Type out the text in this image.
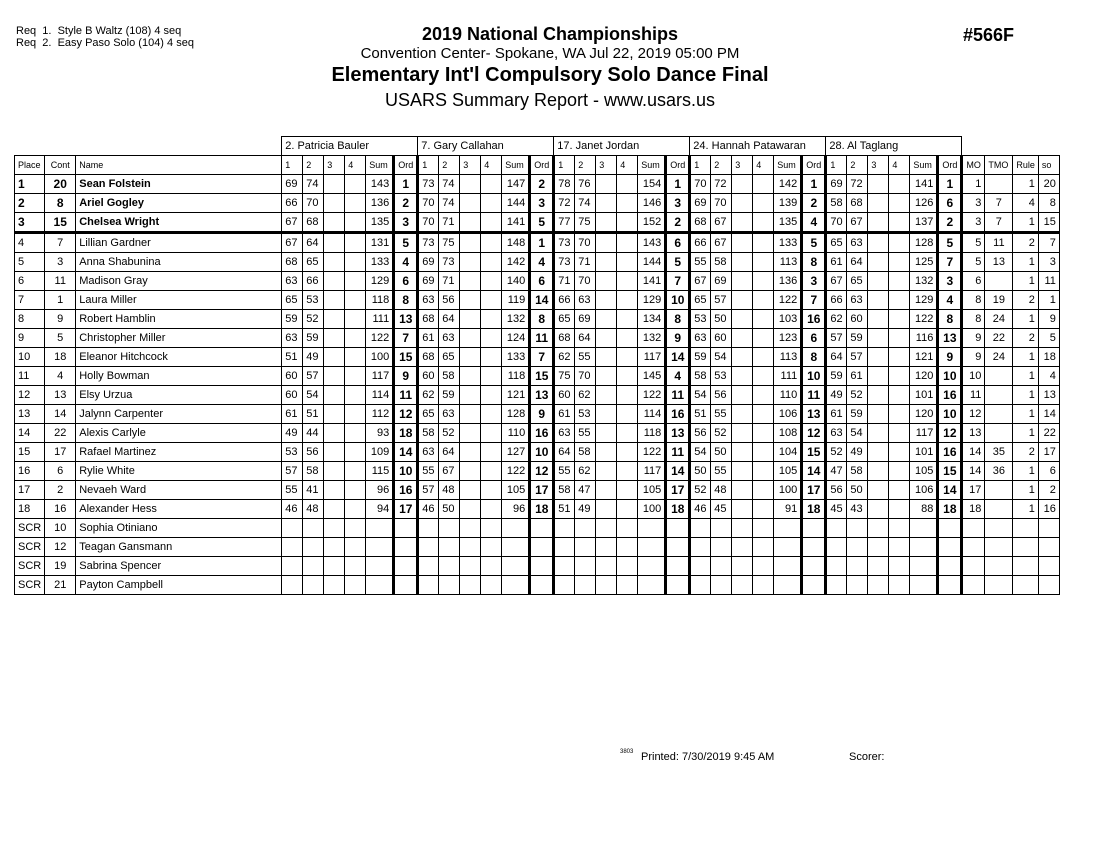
Req  1.  Style B Waltz (108) 4 seq
Req  2.  Easy Paso Solo (104) 4 seq	2019 National Championships
Convention Center- Spokane, WA Jul 22, 2019 05:00 PM
Elementary Int'l Compulsory Solo Dance Final
USARS Summary Report - www.usars.us
#566F
			2. Patricia Bauler						7. Gary Callahan						17. Janet Jordan						24. Hannah Patawaran						28. Al Taglang									
Place	Cont	Name	1	2	3	4	Sum	Ord	1	2	3	4	Sum	Ord	1	2	3	4	Sum	Ord	1	2	3	4	Sum	Ord	1	2	3	4	Sum	Ord	MO	TMO	Rule	so
1	20	Sean Folstein	69	74			143	1	73	74			147	2	78	76			154	1	70	72			142	1	69	72			141	1	1		1	20
2	8	Ariel Gogley	66	70			136	2	70	74			144	3	72	74			146	3	69	70			139	2	58	68			126	6	3	7	4	8
3	15	Chelsea Wright	67	68			135	3	70	71			141	5	77	75			152	2	68	67			135	4	70	67			137	2	3	7	1	15
4	7	Lillian Gardner	67	64			131	5	73	75			148	1	73	70			143	6	66	67			133	5	65	63			128	5	5	11	2	7
5	3	Anna Shabunina	68	65			133	4	69	73			142	4	73	71			144	5	55	58			113	8	61	64			125	7	5	13	1	3
6	11	Madison Gray	63	66			129	6	69	71			140	6	71	70			141	7	67	69			136	3	67	65			132	3	6		1	11
7	1	Laura Miller	65	53			118	8	63	56			119	14	66	63			129	10	65	57			122	7	66	63			129	4	8	19	2	1
8	9	Robert Hamblin	59	52			111	13	68	64			132	8	65	69			134	8	53	50			103	16	62	60			122	8	8	24	1	9
9	5	Christopher Miller	63	59			122	7	61	63			124	11	68	64			132	9	63	60			123	6	57	59			116	13	9	22	2	5
10	18	Eleanor Hitchcock	51	49			100	15	68	65			133	7	62	55			117	14	59	54			113	8	64	57			121	9	9	24	1	18
11	4	Holly Bowman	60	57			117	9	60	58			118	15	75	70			145	4	58	53			111	10	59	61			120	10	10		1	4
12	13	Elsy Urzua	60	54			114	11	62	59			121	13	60	62			122	11	54	56			110	11	49	52			101	16	11		1	13
13	14	Jalynn Carpenter	61	51			112	12	65	63			128	9	61	53			114	16	51	55			106	13	61	59			120	10	12		1	14
14	22	Alexis Carlyle	49	44			93	18	58	52			110	16	63	55			118	13	56	52			108	12	63	54			117	12	13		1	22
15	17	Rafael Martinez	53	56			109	14	63	64			127	10	64	58			122	11	54	50			104	15	52	49			101	16	14	35	2	17
16	6	Rylie White	57	58			115	10	55	67			122	12	55	62			117	14	50	55			105	14	47	58			105	15	14	36	1	6
17	2	Nevaeh Ward	55	41			96	16	57	48			105	17	58	47			105	17	52	48			100	17	56	50			106	14	17		1	2
18	16	Alexander Hess	46	48			94	17	46	50			96	18	51	49			100	18	46	45			91	18	45	43			88	18	18		1	16
SCR	10	Sophia Otiniano																																		
SCR	12	Teagan Gansmann																																		
SCR	19	Sabrina Spencer																																		
SCR	21	Payton Campbell																																		
3803 Printed: 7/30/2019 9:45 AM	Scorer:
